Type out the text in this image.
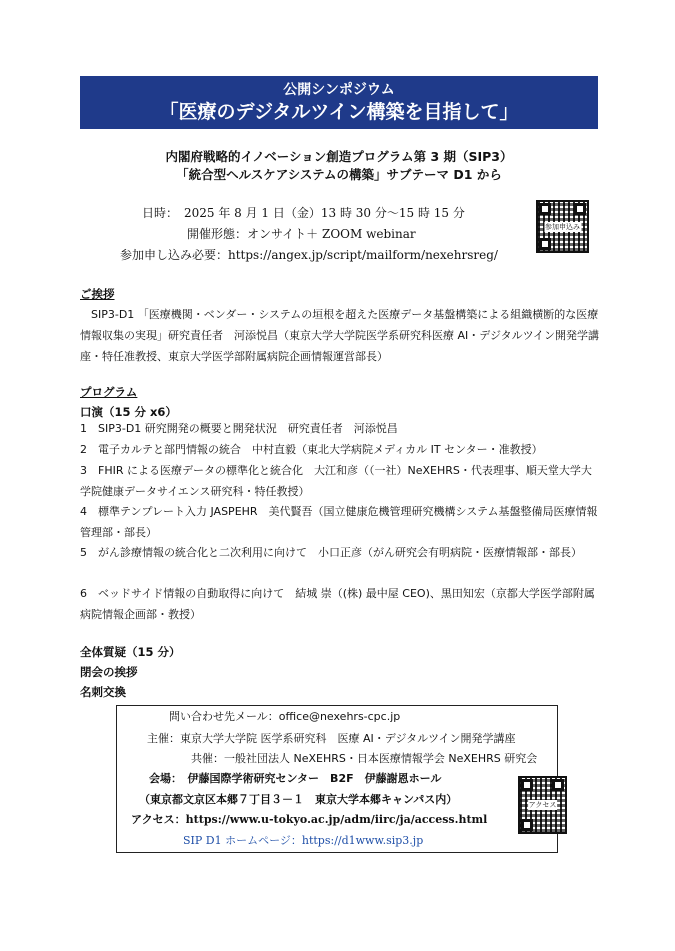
公開シンポジウム
「医療のデジタルツイン構築を目指して」
内閣府戦略的イノベーション創造プログラム第 3 期（SIP3）
「統合型ヘルスケアシステムの構築」サブテーマ D1 から
日時：　2025 年 8 月 1 日（金）13 時 30 分〜15 時 15 分
開催形態：オンサイト＋ ZOOM webinar
参加申し込み必要：https://angex.jp/script/mailform/nexehrsreg/
参加申込み
ご挨拶
SIP3-D1 「医療機関・ベンダー・システムの垣根を超えた医療データ基盤構築による組織横断的な医療情報収集の実現」研究責任者　河添悦昌（東京大学大学院医学系研究科医療 AI・デジタルツイン開発学講座・特任准教授、東京大学医学部附属病院企画情報運営部長）
プログラム
口演（15 分 x6）
1　SIP3-D1 研究開発の概要と開発状況　研究責任者　河添悦昌
2　電子カルテと部門情報の統合　中村直毅（東北大学病院メディカル IT センター・准教授）
3　FHIR による医療データの標準化と統合化　大江和彦（（一社）NeXEHRS・代表理事、順天堂大学大学院健康データサイエンス研究科・特任教授）
4　標準テンプレート入力 JASPEHR　美代賢吾（国立健康危機管理研究機構システム基盤整備局医療情報管理部・部長）
5　がん診療情報の統合化と二次利用に向けて　小口正彦（がん研究会有明病院・医療情報部・部長）
6　ベッドサイド情報の自動取得に向けて　結城 崇（(株) 最中屋 CEO)、黒田知宏（京都大学医学部附属病院情報企画部・教授）
全体質疑（15 分）
閉会の挨拶
名刺交換
問い合わせ先メール：office@nexehrs-cpc.jp
主催：東京大学大学院 医学系研究科　医療 AI・デジタルツイン開発学講座
共催：一般社団法人 NeXEHRS・日本医療情報学会 NeXEHRS 研究会
会場：　伊藤国際学術研究センター　B2F　伊藤謝恩ホール
（東京都文京区本郷７丁目３－１　東京大学本郷キャンパス内）
アクセス：https://www.u-tokyo.ac.jp/adm/iirc/ja/access.html
SIP D1 ホームページ：https://d1www.sip3.jp
アクセス
